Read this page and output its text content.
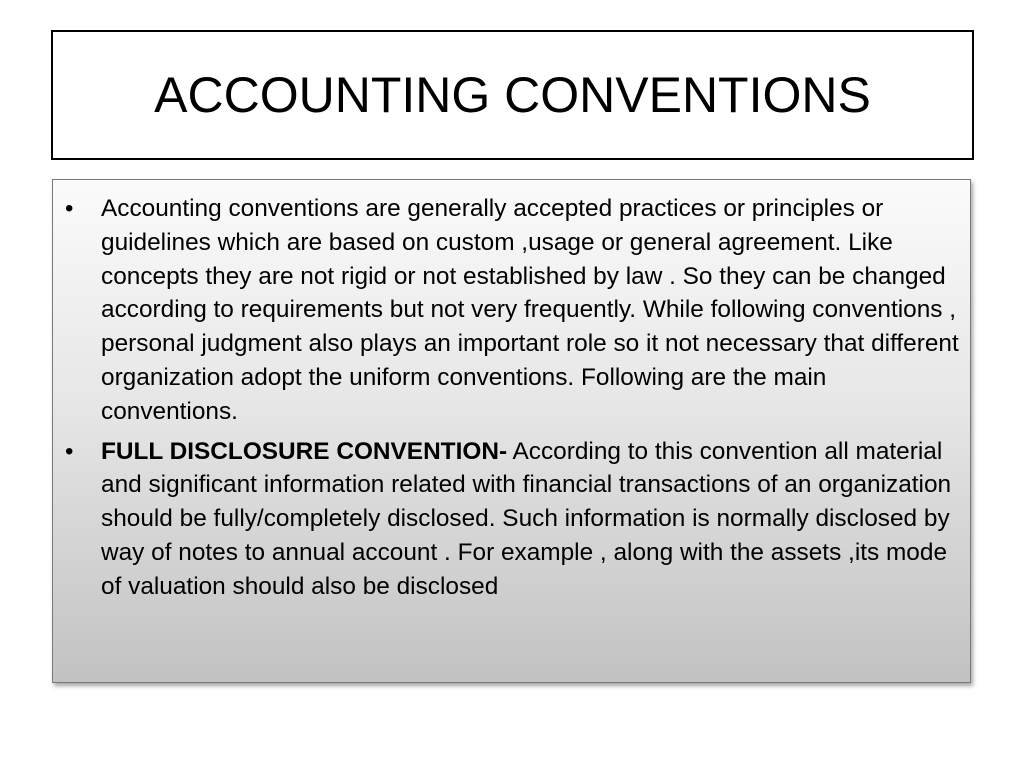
ACCOUNTING CONVENTIONS
• Accounting conventions are generally accepted practices or principles or guidelines which are based on custom ,usage or general agreement. Like concepts they are not rigid or not established by law . So they can be changed according to requirements but not very frequently. While following conventions , personal judgment also plays an important role so it not necessary that different organization adopt the uniform conventions. Following are the main conventions.
• FULL DISCLOSURE CONVENTION- According to this convention all material and significant information related with financial transactions of an organization should be fully/completely disclosed. Such information is normally disclosed by way of notes to annual account . For example , along with the assets ,its mode of valuation should also be disclosed
